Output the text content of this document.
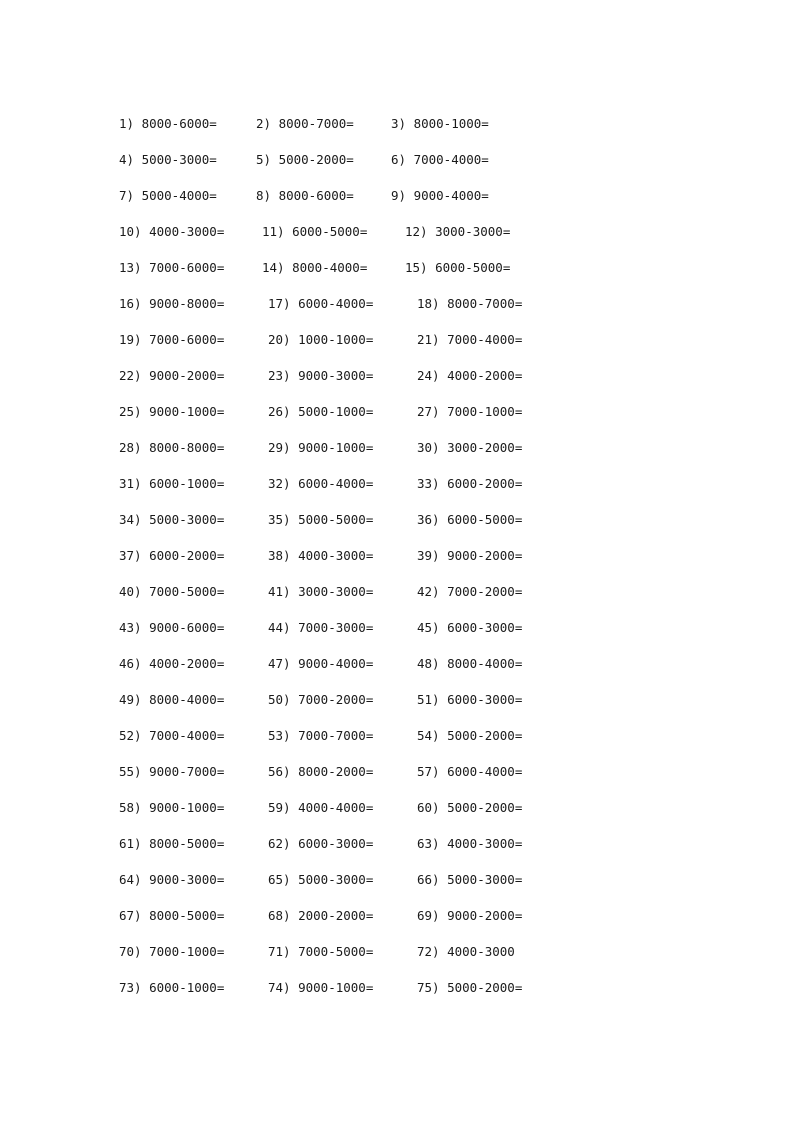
1) 8000-6000=	2) 8000-7000=	3) 8000-1000=
4) 5000-3000=	5) 5000-2000=	6) 7000-4000=
7) 5000-4000=	8) 8000-6000=	9) 9000-4000=
10) 4000-3000=	11) 6000-5000=	12) 3000-3000=
13) 7000-6000=	14) 8000-4000=	15) 6000-5000=
16) 9000-8000=	17) 6000-4000=	18) 8000-7000=
19) 7000-6000=	20) 1000-1000=	21) 7000-4000=
22) 9000-2000=	23) 9000-3000=	24) 4000-2000=
25) 9000-1000=	26) 5000-1000=	27) 7000-1000=
28) 8000-8000=	29) 9000-1000=	30) 3000-2000=
31) 6000-1000=	32) 6000-4000=	33) 6000-2000=
34) 5000-3000=	35) 5000-5000=	36) 6000-5000=
37) 6000-2000=	38) 4000-3000=	39) 9000-2000=
40) 7000-5000=	41) 3000-3000=	42) 7000-2000=
43) 9000-6000=	44) 7000-3000=	45) 6000-3000=
46) 4000-2000=	47) 9000-4000=	48) 8000-4000=
49) 8000-4000=	50) 7000-2000=	51) 6000-3000=
52) 7000-4000=	53) 7000-7000=	54) 5000-2000=
55) 9000-7000=	56) 8000-2000=	57) 6000-4000=
58) 9000-1000=	59) 4000-4000=	60) 5000-2000=
61) 8000-5000=	62) 6000-3000=	63) 4000-3000=
64) 9000-3000=	65) 5000-3000=	66) 5000-3000=
67) 8000-5000=	68) 2000-2000=	69) 9000-2000=
70) 7000-1000=	71) 7000-5000=	72) 4000-3000
73) 6000-1000=	74) 9000-1000=	75) 5000-2000=
